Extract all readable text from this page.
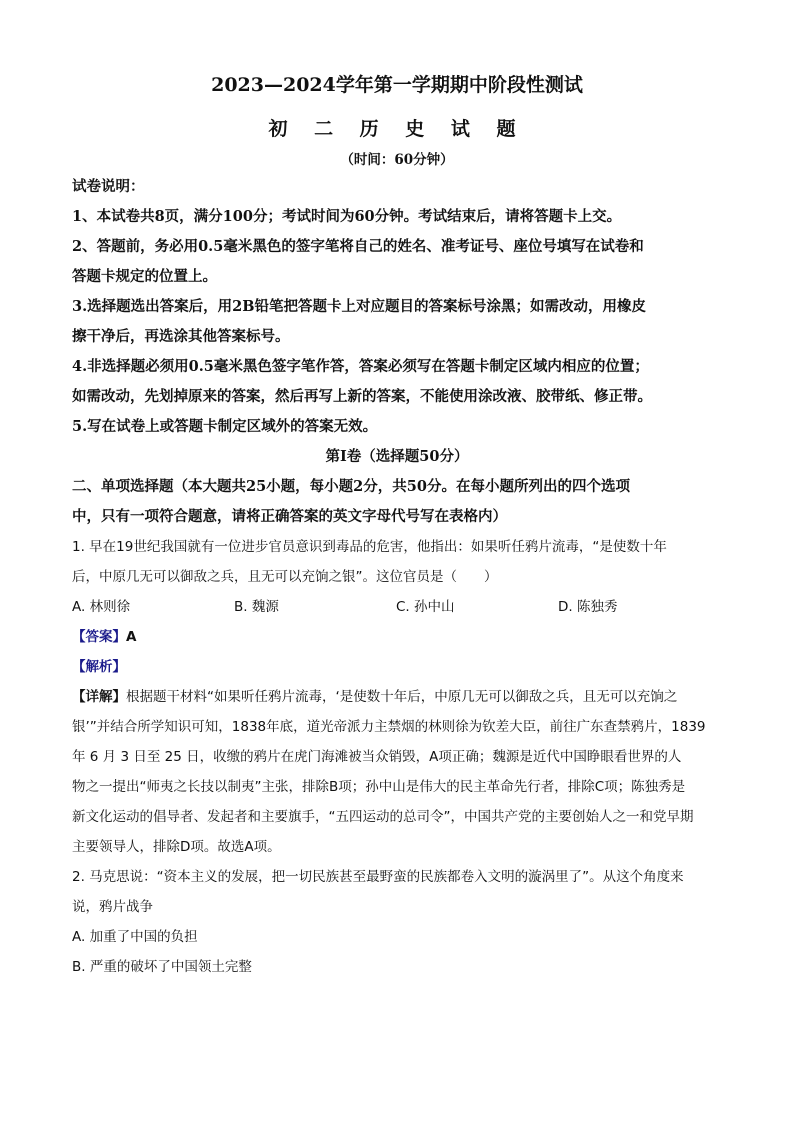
2023—2024学年第一学期期中阶段性测试
初 二 历 史 试 题
（时间：60分钟）

试卷说明：

1、本试卷共8页，满分100分；考试时间为60分钟。考试结束后，请将答题卡上交。

2、答题前，务必用0.5毫米黑色的签字笔将自己的姓名、准考证号、座位号填写在试卷和

答题卡规定的位置上。

3.选择题选出答案后，用2B铅笔把答题卡上对应题目的答案标号涂黑；如需改动，用橡皮

擦干净后，再选涂其他答案标号。

4.非选择题必须用0.5毫米黑色签字笔作答，答案必须写在答题卡制定区域内相应的位置；

如需改动，先划掉原来的答案，然后再写上新的答案，不能使用涂改液、胶带纸、修正带。

5.写在试卷上或答题卡制定区域外的答案无效。

第Ⅰ卷（选择题50分）

二、单项选择题（本大题共25小题，每小题2分，共50分。在每小题所列出的四个选项

中，只有一项符合题意，请将正确答案的英文字母代号写在表格内）

1. 早在19世纪我国就有一位进步官员意识到毒品的危害，他指出：如果听任鸦片流毒，“是使数十年

后，中原几无可以御敌之兵，且无可以充饷之银”。这位官员是（　　）

A. 林则徐	B. 魏源	C. 孙中山	D. 陈独秀
【答案】A
【解析】

【详解】根据题干材料“如果听任鸦片流毒，‘是使数十年后，中原几无可以御敌之兵，且无可以充饷之

银’”并结合所学知识可知，1838年底，道光帝派力主禁烟的林则徐为钦差大臣，前往广东查禁鸦片，1839

年 6 月 3 日至 25 日，收缴的鸦片在虎门海滩被当众销毁，A项正确；魏源是近代中国睁眼看世界的人

物之一提出“师夷之长技以制夷”主张，排除B项；孙中山是伟大的民主革命先行者，排除C项；陈独秀是

新文化运动的倡导者、发起者和主要旗手，“五四运动的总司令”，中国共产党的主要创始人之一和党早期

主要领导人，排除D项。故选A项。

2. 马克思说：“资本主义的发展，把一切民族甚至最野蛮的民族都卷入文明的漩涡里了”。从这个角度来

说，鸦片战争

A. 加重了中国的负担

B. 严重的破坏了中国领土完整
